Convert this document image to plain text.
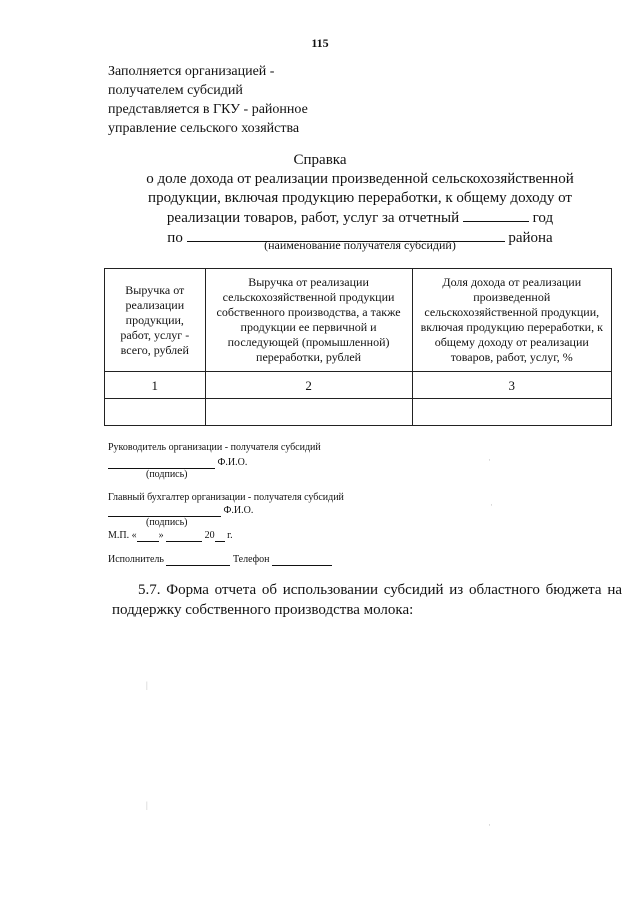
115
Заполняется организацией -
получателем субсидий
представляется в ГКУ - районное
управление сельского хозяйства
Справка
о доле дохода от реализации произведенной сельскохозяйственной
продукции, включая продукцию переработки, к общему доходу от
реализации товаров, работ, услуг за отчетный	год
по	района
(наименование получателя субсидий)
Выручка от реализации продукции, работ, услуг - всего, рублей	Выручка от реализации сельскохозяйственной продукции собственного производства, а также продукции ее первичной и последующей (промышленной) переработки, рублей	Доля дохода от реализации произведенной сельскохозяйственной продукции, включая продукцию переработки, к общему доходу от реализации товаров, работ, услуг, %
1	2	3

Руководитель организации - получателя субсидий
Ф.И.О.
(подпись)
Главный бухгалтер организации - получателя субсидий
Ф.И.О.
(подпись)
М.П. « »	20 г.
Исполнитель	Телефон
5.7. Форма отчета об использовании субсидий из областного бюджета на поддержку собственного производства молока:
·
·
|
|
·
